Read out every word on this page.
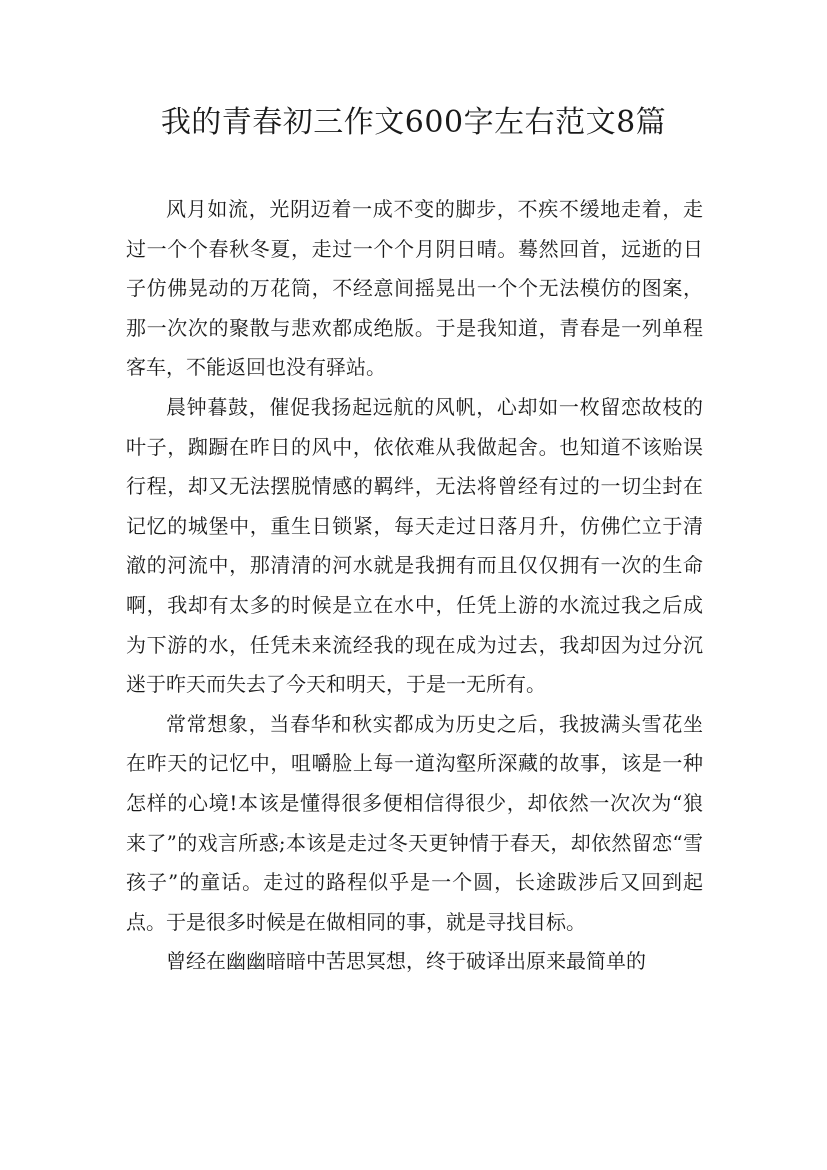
我的青春初三作文600字左右范文8篇

风月如流，光阴迈着一成不变的脚步，不疾不缓地走着，走过一个个春秋冬夏，走过一个个月阴日晴。蓦然回首，远逝的日子仿佛晃动的万花筒，不经意间摇晃出一个个无法模仿的图案，那一次次的聚散与悲欢都成绝版。于是我知道，青春是一列单程客车，不能返回也没有驿站。

晨钟暮鼓，催促我扬起远航的风帆，心却如一枚留恋故枝的叶子，踟蹰在昨日的风中，依依难从我做起舍。也知道不该贻误行程，却又无法摆脱情感的羁绊，无法将曾经有过的一切尘封在记忆的城堡中，重生日锁紧，每天走过日落月升，仿佛伫立于清澈的河流中，那清清的河水就是我拥有而且仅仅拥有一次的生命啊，我却有太多的时候是立在水中，任凭上游的水流过我之后成为下游的水，任凭未来流经我的现在成为过去，我却因为过分沉迷于昨天而失去了今天和明天，于是一无所有。

常常想象，当春华和秋实都成为历史之后，我披满头雪花坐在昨天的记忆中，咀嚼脸上每一道沟壑所深藏的故事，该是一种怎样的心境!本该是懂得很多便相信得很少，却依然一次次为“狼来了”的戏言所惑;本该是走过冬天更钟情于春天，却依然留恋“雪孩子”的童话。走过的路程似乎是一个圆，长途跋涉后又回到起点。于是很多时候是在做相同的事，就是寻找目标。

曾经在幽幽暗暗中苦思冥想，终于破译出原来最简单的
